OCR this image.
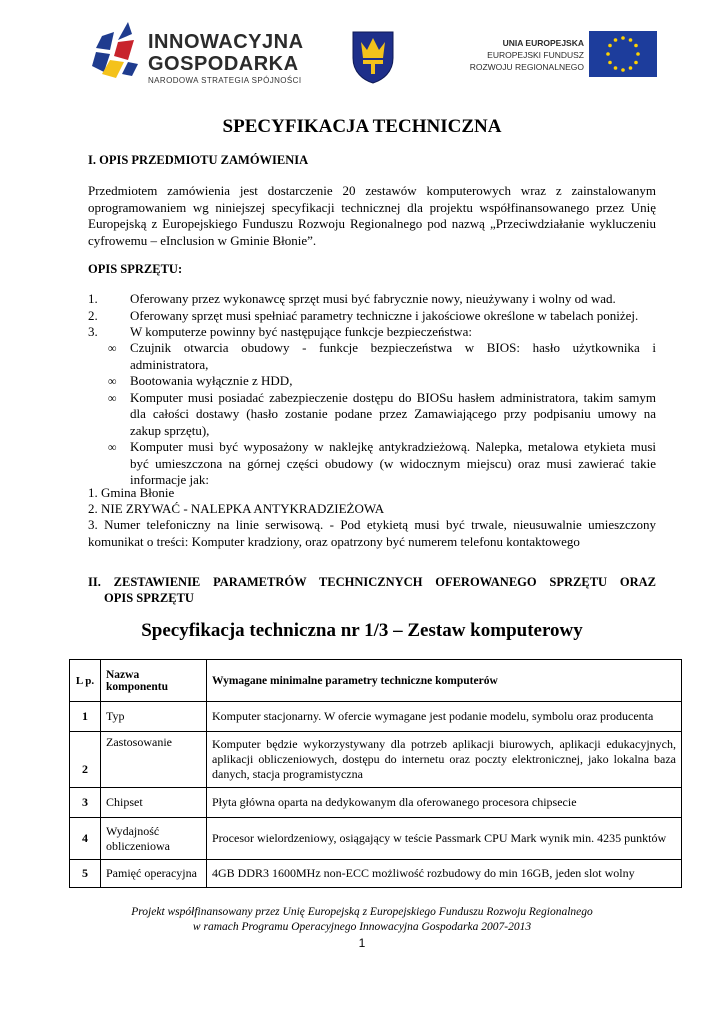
INNOWACYJNA
GOSPODARKA
NARODOWA STRATEGIA SPÓJNOŚCI
UNIA EUROPEJSKA
EUROPEJSKI FUNDUSZ
ROZWOJU REGIONALNEGO
SPECYFIKACJA TECHNICZNA
I. OPIS PRZEDMIOTU ZAMÓWIENIA
Przedmiotem zamówienia jest dostarczenie 20 zestawów komputerowych wraz z zainstalowanym
oprogramowaniem wg niniejszej specyfikacji technicznej dla projektu współfinansowanego przez Unię
Europejską z Europejskiego Funduszu Rozwoju Regionalnego pod nazwą „Przeciwdziałanie wykluczeniu
cyfrowemu – eInclusion w Gminie Błonie”.
OPIS SPRZĘTU:
1. Oferowany przez wykonawcę sprzęt musi być fabrycznie nowy, nieużywany i wolny od wad.
2. Oferowany sprzęt musi spełniać parametry techniczne i jakościowe określone w tabelach poniżej.
3. W komputerze powinny być następujące funkcje bezpieczeństwa:
∞ Czujnik otwarcia obudowy - funkcje bezpieczeństwa w BIOS: hasło użytkownika i
administratora,
∞ Bootowania wyłącznie z HDD,
∞ Komputer musi posiadać zabezpieczenie dostępu do BIOSu hasłem administratora, takim samym
dla całości dostawy (hasło zostanie podane przez Zamawiającego przy podpisaniu umowy na
zakup sprzętu),
∞ Komputer musi być wyposażony w naklejkę antykradzieżową. Nalepka, metalowa etykieta musi
być umieszczona na górnej części obudowy (w widocznym miejscu) oraz musi zawierać takie
informacje jak:
1. Gmina Błonie
2. NIE ZRYWAĆ - NALEPKA ANTYKRADZIEŻOWA
3. Numer telefoniczny na linie serwisową. - Pod etykietą musi być trwale, nieusuwalnie umieszczony
komunikat o treści: Komputer kradziony, oraz opatrzony być numerem telefonu kontaktowego
II. ZESTAWIENIE PARAMETRÓW TECHNICZNYCH OFEROWANEGO SPRZĘTU ORAZ
OPIS SPRZĘTU
Specyfikacja techniczna nr 1/3 – Zestaw komputerowy
L p.	Nazwa komponentu	Wymagane minimalne parametry techniczne komputerów
1	Typ	Komputer stacjonarny. W ofercie wymagane jest podanie modelu, symbolu oraz producenta
2	Zastosowanie	Komputer będzie wykorzystywany dla potrzeb aplikacji biurowych, aplikacji edukacyjnych, aplikacji obliczeniowych, dostępu do internetu oraz poczty elektronicznej, jako lokalna baza danych, stacja programistyczna
3	Chipset	Płyta główna oparta na dedykowanym dla oferowanego procesora chipsecie
4	Wydajność obliczeniowa	Procesor wielordzeniowy, osiągający w teście Passmark CPU Mark wynik min. 4235 punktów
5	Pamięć operacyjna	4GB DDR3 1600MHz non-ECC możliwość rozbudowy do min 16GB, jeden slot wolny
Projekt współfinansowany przez Unię Europejską z Europejskiego Funduszu Rozwoju Regionalnego
w ramach Programu Operacyjnego Innowacyjna Gospodarka 2007-2013
1
